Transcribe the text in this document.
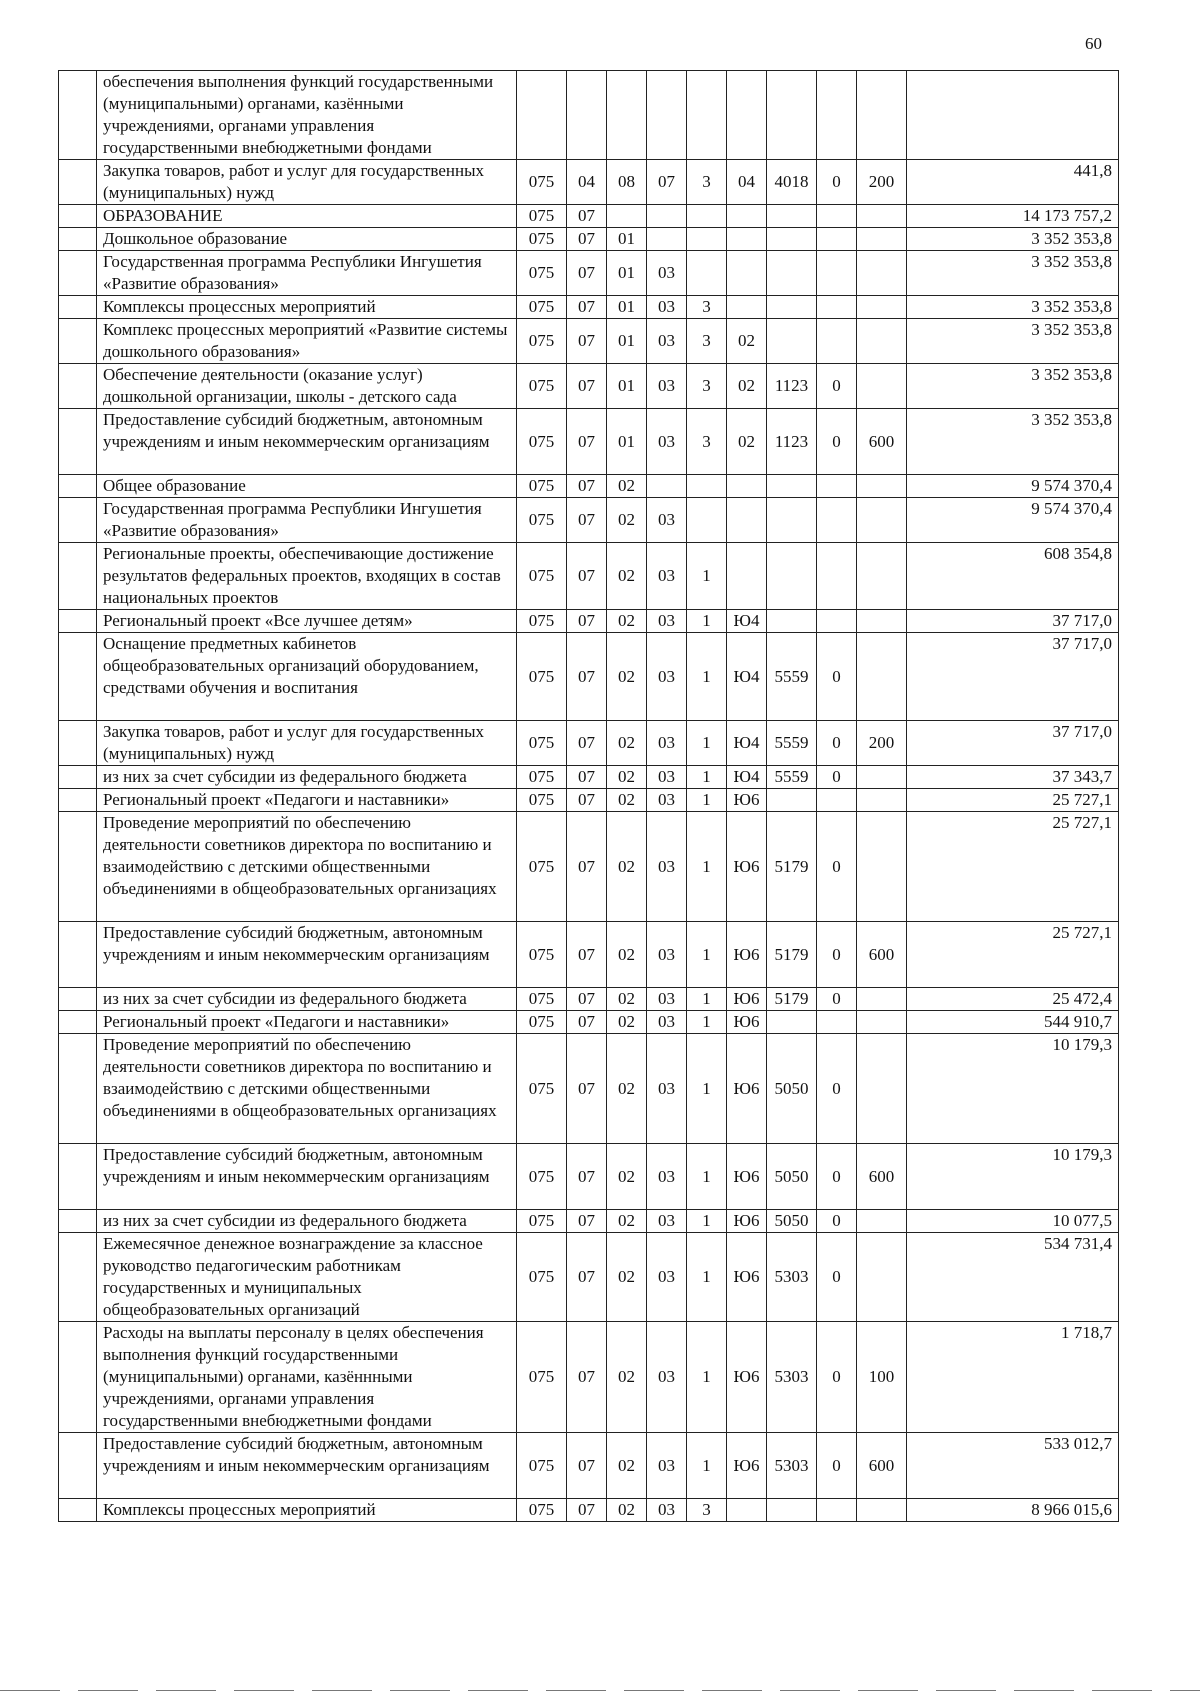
60
	обеспечения выполнения функций государственными (муниципальными) органами, казёнными учреждениями, органами управления государственными внебюджетными фондами										
	Закупка товаров, работ и услуг для государственных (муниципальных) нужд	075	04	08	07	3	04	4018	0	200	441,8
	ОБРАЗОВАНИЕ	075	07								14 173 757,2
	Дошкольное образование	075	07	01							3 352 353,8
	Государственная программа Республики Ингушетия «Развитие образования»	075	07	01	03						3 352 353,8
	Комплексы процессных мероприятий	075	07	01	03	3					3 352 353,8
	Комплекс процессных мероприятий «Развитие системы дошкольного образования»	075	07	01	03	3	02				3 352 353,8
	Обеспечение деятельности (оказание услуг) дошкольной организации, школы - детского сада	075	07	01	03	3	02	1123	0		3 352 353,8
	Предоставление субсидий бюджетным, автономным учреждениям и иным некоммерческим организациям	075	07	01	03	3	02	1123	0	600	3 352 353,8
	Общее образование	075	07	02							9 574 370,4
	Государственная программа Республики Ингушетия «Развитие образования»	075	07	02	03						9 574 370,4
	Региональные проекты, обеспечивающие достижение результатов федеральных проектов, входящих в состав национальных проектов	075	07	02	03	1					608 354,8
	Региональный проект «Все лучшее детям»	075	07	02	03	1	Ю4				37 717,0
	Оснащение предметных кабинетов общеобразовательных организаций оборудованием, средствами обучения и воспитания	075	07	02	03	1	Ю4	5559	0		37 717,0
	Закупка товаров, работ и услуг для государственных (муниципальных) нужд	075	07	02	03	1	Ю4	5559	0	200	37 717,0
	из них за счет субсидии из федерального бюджета	075	07	02	03	1	Ю4	5559	0		37 343,7
	Региональный проект «Педагоги и наставники»	075	07	02	03	1	Ю6				25 727,1
	Проведение мероприятий по обеспечению деятельности советников директора по воспитанию и взаимодействию с детскими общественными объединениями в общеобразовательных организациях	075	07	02	03	1	Ю6	5179	0		25 727,1
	Предоставление субсидий бюджетным, автономным учреждениям и иным некоммерческим организациям	075	07	02	03	1	Ю6	5179	0	600	25 727,1
	из них за счет субсидии из федерального бюджета	075	07	02	03	1	Ю6	5179	0		25 472,4
	Региональный проект «Педагоги и наставники»	075	07	02	03	1	Ю6				544 910,7
	Проведение мероприятий по обеспечению деятельности советников директора по воспитанию и взаимодействию с детскими общественными объединениями в общеобразовательных организациях	075	07	02	03	1	Ю6	5050	0		10 179,3
	Предоставление субсидий бюджетным, автономным учреждениям и иным некоммерческим организациям	075	07	02	03	1	Ю6	5050	0	600	10 179,3
	из них за счет субсидии из федерального бюджета	075	07	02	03	1	Ю6	5050	0		10 077,5
	Ежемесячное денежное вознаграждение за классное руководство педагогическим работникам государственных и муниципальных общеобразовательных организаций	075	07	02	03	1	Ю6	5303	0		534 731,4
	Расходы на выплаты персоналу в целях обеспечения выполнения функций государственными (муниципальными) органами, казённными учреждениями, органами управления государственными внебюджетными фондами	075	07	02	03	1	Ю6	5303	0	100	1 718,7
	Предоставление субсидий бюджетным, автономным учреждениям и иным некоммерческим организациям	075	07	02	03	1	Ю6	5303	0	600	533 012,7
	Комплексы процессных мероприятий	075	07	02	03	3					8 966 015,6
